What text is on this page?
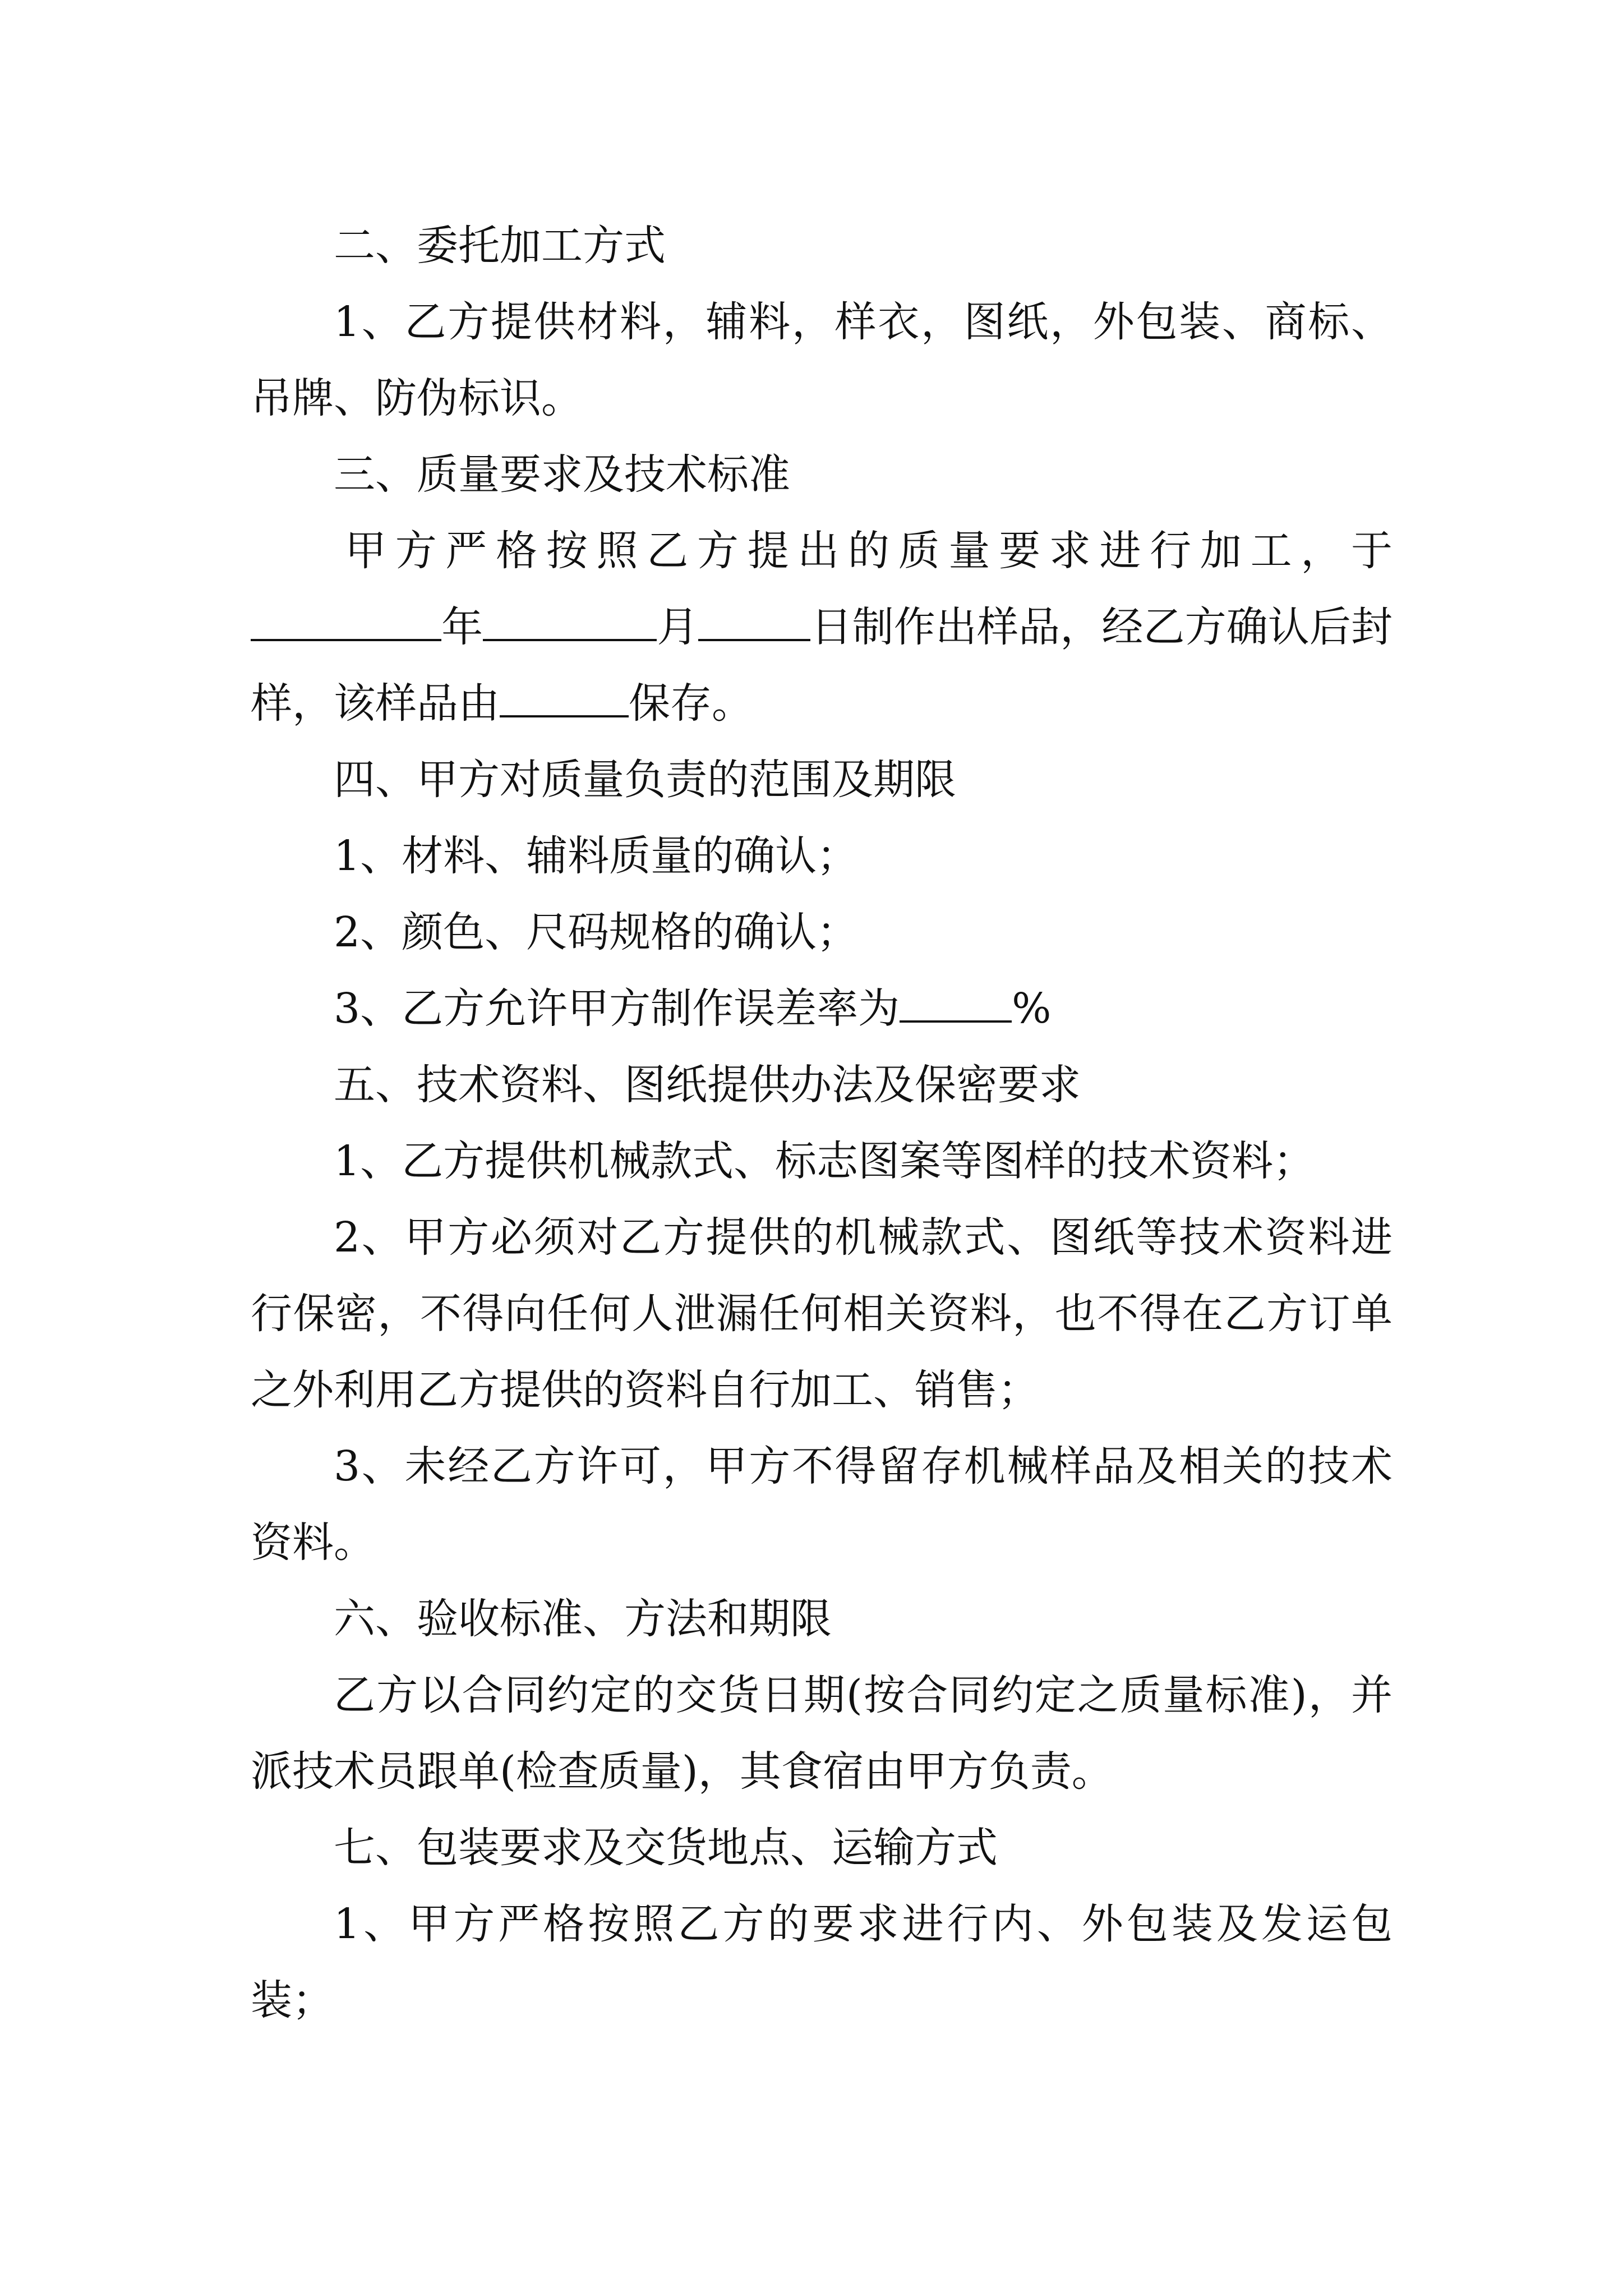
二、委托加工方式

1、乙方提供材料，辅料，样衣，图纸，外包装、商标、吊牌、防伪标识。

三、质量要求及技术标准

甲方严格按照乙方提出的质量要求进行加工，于年	月	日制作出样品，经乙方确认后封样，该样品由	保存。

四、甲方对质量负责的范围及期限

1、材料、辅料质量的确认；

2、颜色、尺码规格的确认；

3、乙方允许甲方制作误差率为	%

五、技术资料、图纸提供办法及保密要求

1、乙方提供机械款式、标志图案等图样的技术资料；

2、甲方必须对乙方提供的机械款式、图纸等技术资料进行保密，不得向任何人泄漏任何相关资料，也不得在乙方订单之外利用乙方提供的资料自行加工、销售；

3、未经乙方许可，甲方不得留存机械样品及相关的技术资料。

六、验收标准、方法和期限

乙方以合同约定的交货日期(按合同约定之质量标准)，并派技术员跟单(检查质量)，其食宿由甲方负责。

七、包装要求及交货地点、运输方式

1、甲方严格按照乙方的要求进行内、外包装及发运包装；
